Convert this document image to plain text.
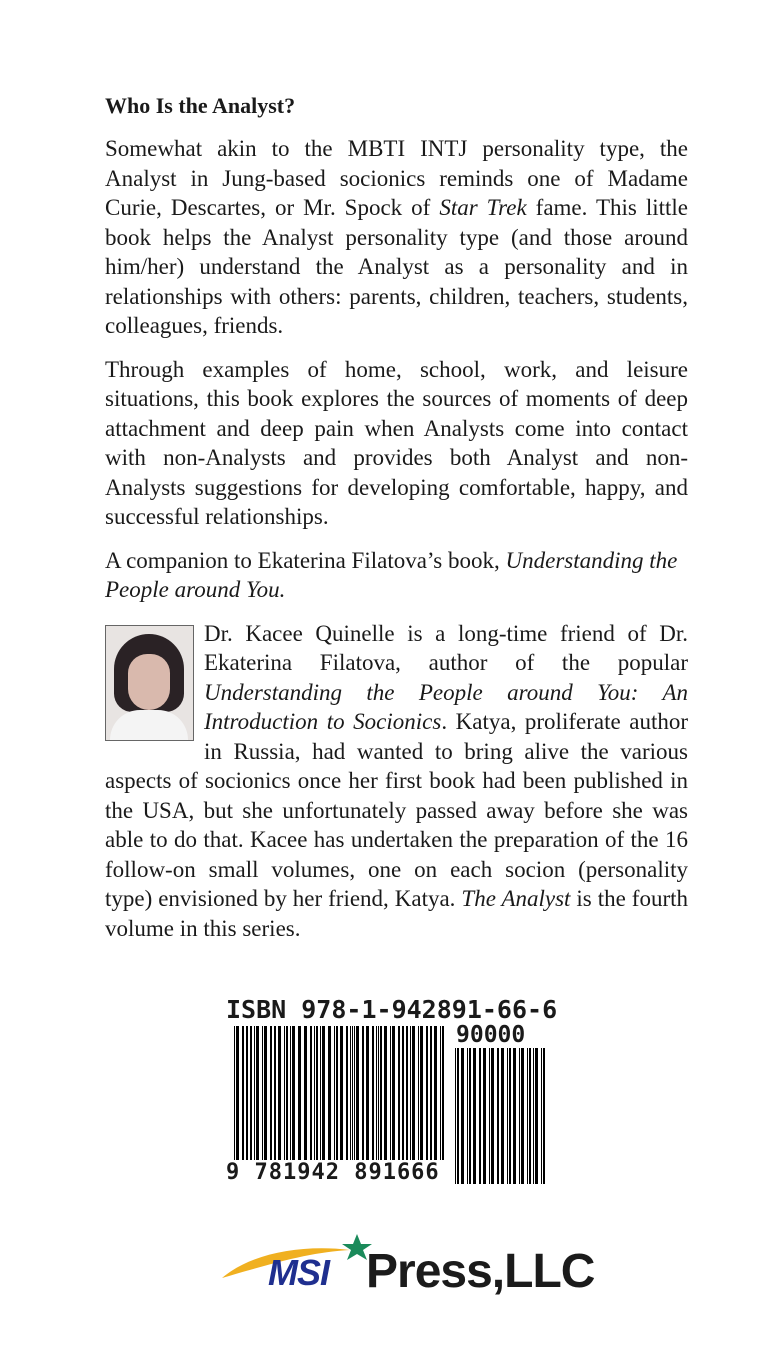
Who Is the Analyst?

Somewhat akin to the MBTI INTJ personality type, the Analyst in Jung-based socionics reminds one of Madame Curie, Descartes, or Mr. Spock of Star Trek fame. This little book helps the Analyst personality type (and those around him/her) understand the Analyst as a personality and in relationships with others: parents, children, teachers, students, colleagues, friends.

Through examples of home, school, work, and leisure situations, this book explores the sources of moments of deep attachment and deep pain when Analysts come into contact with non-Analysts and provides both Analyst and non-Analysts suggestions for developing comfortable, happy, and successful relationships.

A companion to Ekaterina Filatova’s book, Understanding the People around You.

Dr. Kacee Quinelle is a long-time friend of Dr. Ekaterina Filatova, author of the popular Understanding the People around You: An Introduction to Socionics. Katya, proliferate author in Russia, had wanted to bring alive the various aspects of socionics once her first book had been published in the USA, but she unfortunately passed away before she was able to do that. Kacee has undertaken the preparation of the 16 follow-on small volumes, one on each socion (personality type) envisioned by her friend, Katya. The Analyst is the fourth volume in this series.

ISBN 978-1-942891-66-6
90000
9 781942 891666
MSI Press,LLC
